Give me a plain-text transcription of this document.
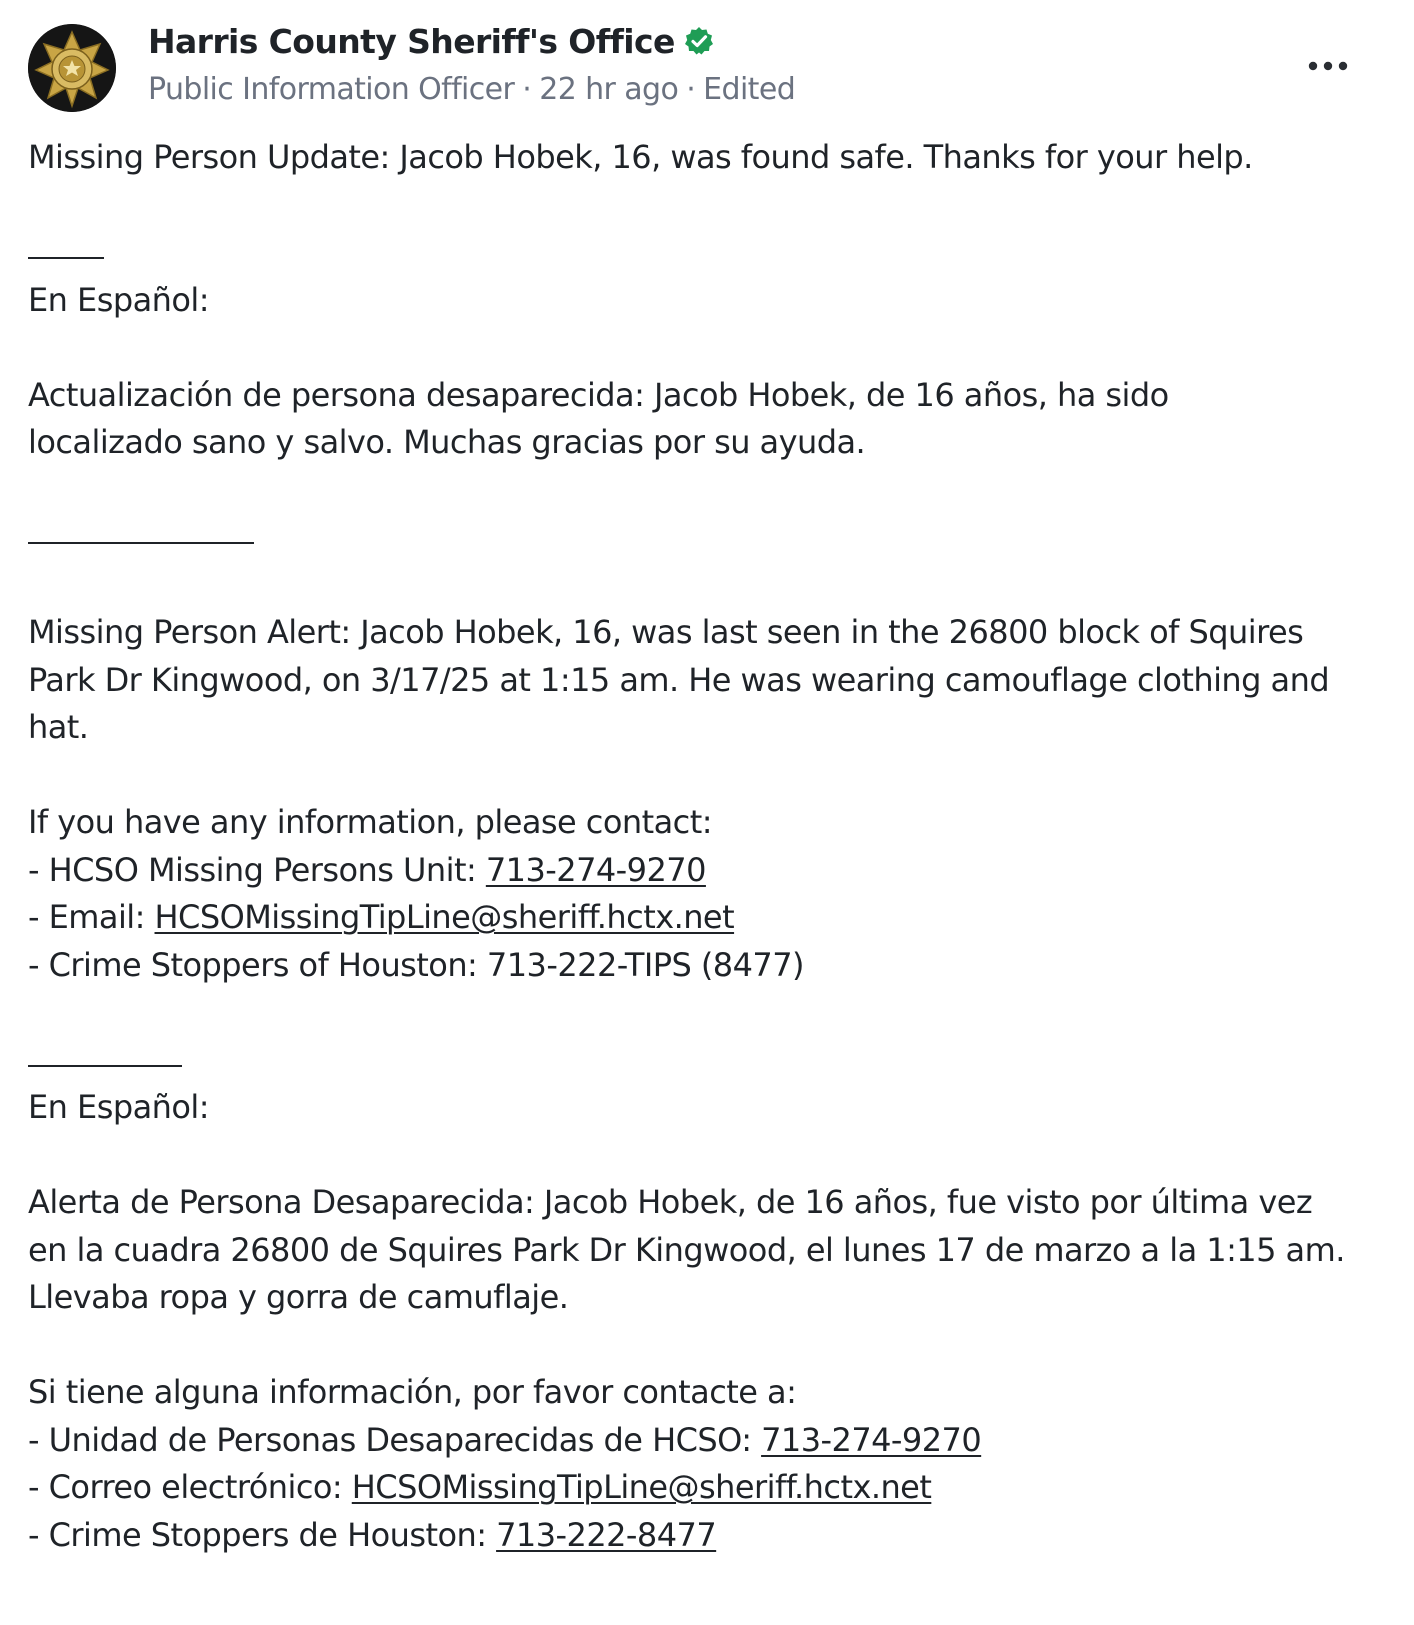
Harris County Sheriff's Office
Public Information Officer · 22 hr ago · Edited

Missing Person Update: Jacob Hobek, 16, was found safe. Thanks for your help.

En Español:

Actualización de persona desaparecida: Jacob Hobek, de 16 años, ha sido localizado sano y salvo. Muchas gracias por su ayuda.

Missing Person Alert: Jacob Hobek, 16, was last seen in the 26800 block of Squires Park Dr Kingwood, on 3/17/25 at 1:15 am. He was wearing camouflage clothing and hat.

If you have any information, please contact:

- HCSO Missing Persons Unit: 713-274-9270

- Email: HCSOMissingTipLine@sheriff.hctx.net

- Crime Stoppers of Houston: 713-222-TIPS (8477)

En Español:

Alerta de Persona Desaparecida: Jacob Hobek, de 16 años, fue visto por última vez en la cuadra 26800 de Squires Park Dr Kingwood, el lunes 17 de marzo a la 1:15 am. Llevaba ropa y gorra de camuflaje.

Si tiene alguna información, por favor contacte a:

- Unidad de Personas Desaparecidas de HCSO: 713-274-9270

- Correo electrónico: HCSOMissingTipLine@sheriff.hctx.net

- Crime Stoppers de Houston: 713-222-8477
